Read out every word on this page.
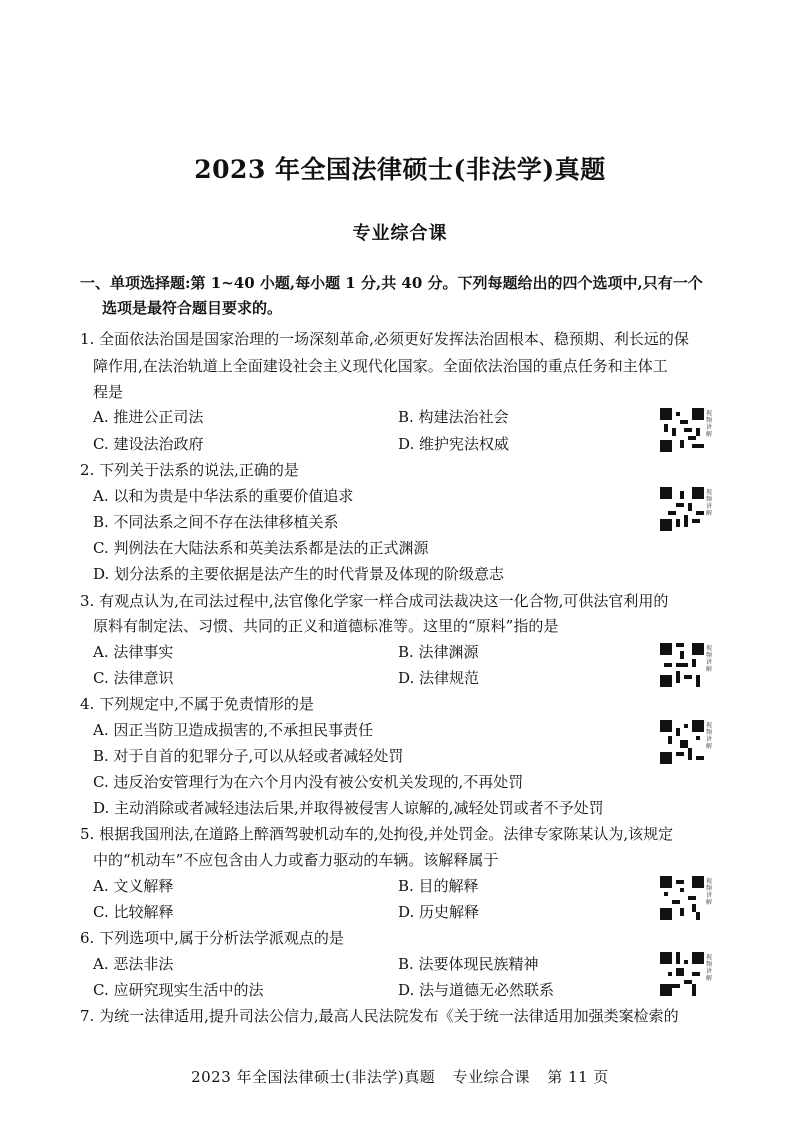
2023 年全国法律硕士(非法学)真题
专业综合课
一、单项选择题:第 1~40 小题,每小题 1 分,共 40 分。下列每题给出的四个选项中,只有一个
选项是最符合题目要求的。
1. 全面依法治国是国家治理的一场深刻革命,必须更好发挥法治固根本、稳预期、利长远的保
障作用,在法治轨道上全面建设社会主义现代化国家。全面依法治国的重点任务和主体工
程是
A. 推进公正司法	B. 构建法治社会
C. 建设法治政府	D. 维护宪法权威
2. 下列关于法系的说法,正确的是
A. 以和为贵是中华法系的重要价值追求
B. 不同法系之间不存在法律移植关系
C. 判例法在大陆法系和英美法系都是法的正式渊源
D. 划分法系的主要依据是法产生的时代背景及体现的阶级意志
3. 有观点认为,在司法过程中,法官像化学家一样合成司法裁决这一化合物,可供法官利用的
原料有制定法、习惯、共同的正义和道德标准等。这里的“原料”指的是
A. 法律事实	B. 法律渊源
C. 法律意识	D. 法律规范
4. 下列规定中,不属于免责情形的是
A. 因正当防卫造成损害的,不承担民事责任
B. 对于自首的犯罪分子,可以从轻或者减轻处罚
C. 违反治安管理行为在六个月内没有被公安机关发现的,不再处罚
D. 主动消除或者减轻违法后果,并取得被侵害人谅解的,减轻处罚或者不予处罚
5. 根据我国刑法,在道路上醉酒驾驶机动车的,处拘役,并处罚金。法律专家陈某认为,该规定
中的“机动车”不应包含由人力或畜力驱动的车辆。该解释属于
A. 文义解释	B. 目的解释
C. 比较解释	D. 历史解释
6. 下列选项中,属于分析法学派观点的是
A. 恶法非法	B. 法要体现民族精神
C. 应研究现实生活中的法	D. 法与道德无必然联系
7. 为统一法律适用,提升司法公信力,最高人民法院发布《关于统一法律适用加强类案检索的
视频讲解
视频讲解
视频讲解
视频讲解
视频讲解
视频讲解
2023 年全国法律硕士(非法学)真题 专业综合课 第 11 页
